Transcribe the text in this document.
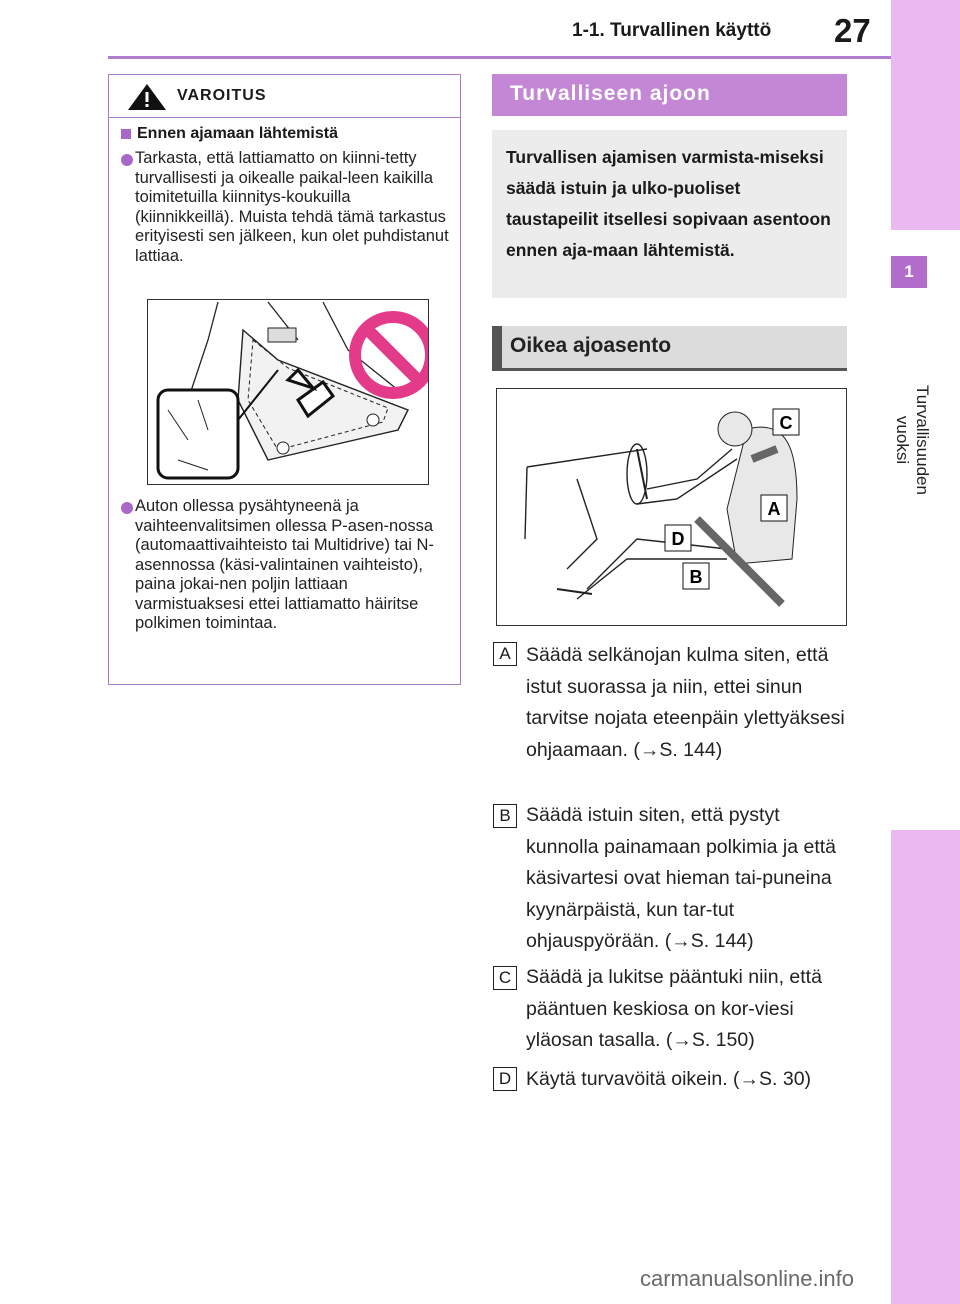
1-1. Turvallinen käyttö 27
1
Turvallisuuden vuoksi
VAROITUS
Ennen ajamaan lähtemistä
Tarkasta, että lattiamatto on kiinni-tetty turvallisesti ja oikealle paikal-leen kaikilla toimitetuilla kiinnitys-koukuilla (kiinnikkeillä). Muista tehdä tämä tarkastus erityisesti sen jälkeen, kun olet puhdistanut lattiaa.
Auton ollessa pysähtyneenä ja vaihteenvalitsimen ollessa P-asen-nossa (automaattivaihteisto tai Multidrive) tai N-asennossa (käsi-valintainen vaihteisto), paina jokai-nen poljin lattiaan varmistuaksesi ettei lattiamatto häiritse polkimen toimintaa.
Turvalliseen ajoon

Turvallisen ajamisen varmista-miseksi säädä istuin ja ulko-puoliset taustapeilit itsellesi sopivaan asentoon ennen aja-maan lähtemistä.

Oikea ajoasento
C
A
D
B
A Säädä selkänojan kulma siten, että istut suorassa ja niin, ettei sinun tarvitse nojata eteenpäin ylettyäksesi ohjaamaan. (→S. 144)
B Säädä istuin siten, että pystyt kunnolla painamaan polkimia ja että käsivartesi ovat hieman tai-puneina kyynärpäistä, kun tar-tut ohjauspyörään. (→S. 144)
C Säädä ja lukitse pääntuki niin, että pääntuen keskiosa on kor-viesi yläosan tasalla. (→S. 150)
D Käytä turvavöitä oikein. (→S. 30)
carmanualsonline.info
